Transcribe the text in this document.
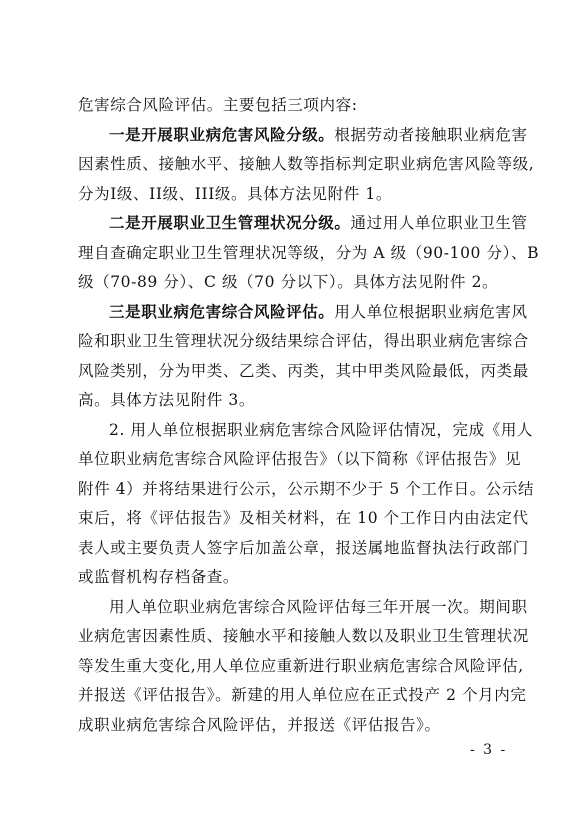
危害综合风险评估。主要包括三项内容:
一是开展职业病危害风险分级。根据劳动者接触职业病危害
因素性质、接触水平、接触人数等指标判定职业病危害风险等级,
分为I级、II级、III级。具体方法见附件 1。
二是开展职业卫生管理状况分级。通过用人单位职业卫生管
理自查确定职业卫生管理状况等级，分为 A 级（90-100 分）、B
级（70-89 分）、C 级（70 分以下）。具体方法见附件 2。
三是职业病危害综合风险评估。用人单位根据职业病危害风
险和职业卫生管理状况分级结果综合评估，得出职业病危害综合
风险类别，分为甲类、乙类、丙类，其中甲类风险最低，丙类最
高。具体方法见附件 3。
2. 用人单位根据职业病危害综合风险评估情况，完成《用人
单位职业病危害综合风险评估报告》（以下简称《评估报告》见
附件 4）并将结果进行公示，公示期不少于 5 个工作日。公示结
束后，将《评估报告》及相关材料，在 10 个工作日内由法定代
表人或主要负责人签字后加盖公章，报送属地监督执法行政部门
或监督机构存档备查。
用人单位职业病危害综合风险评估每三年开展一次。期间职
业病危害因素性质、接触水平和接触人数以及职业卫生管理状况
等发生重大变化,用人单位应重新进行职业病危害综合风险评估,
并报送《评估报告》。新建的用人单位应在正式投产 2 个月内完
成职业病危害综合风险评估，并报送《评估报告》。
- 3 -
